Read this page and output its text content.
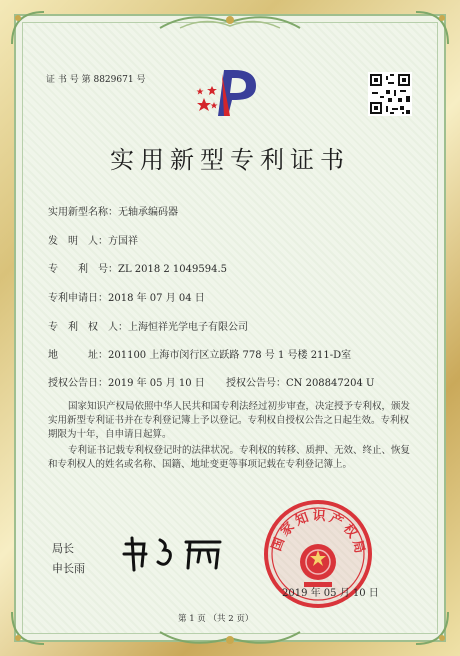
证 书 号 第 8829671 号
实用新型专利证书
实用新型名称：无轴承编码器
发　明　人：方国祥
专　　利　号：ZL 2018 2 1049594.5
专利申请日：2018 年 07 月 04 日
专　利　权　人：上海恒祥光学电子有限公司
地　　　址：201100 上海市闵行区立跃路 778 号 1 号楼 211-D室
授权公告日：2019 年 05 月 10 日 授权公告号：CN 208847204 U
国家知识产权局依照中华人民共和国专利法经过初步审查，决定授予专利权，颁发实用新型专利证书并在专利登记簿上予以登记。专利权自授权公告之日起生效。专利权期限为十年，自申请日起算。
专利证书记载专利权登记时的法律状况。专利权的转移、质押、无效、终止、恢复和专利权人的姓名或名称、国籍、地址变更等事项记载在专利登记簿上。
局长
申长雨
国家知识产权局
2019 年 05 月 10 日
第 1 页 （共 2 页）
